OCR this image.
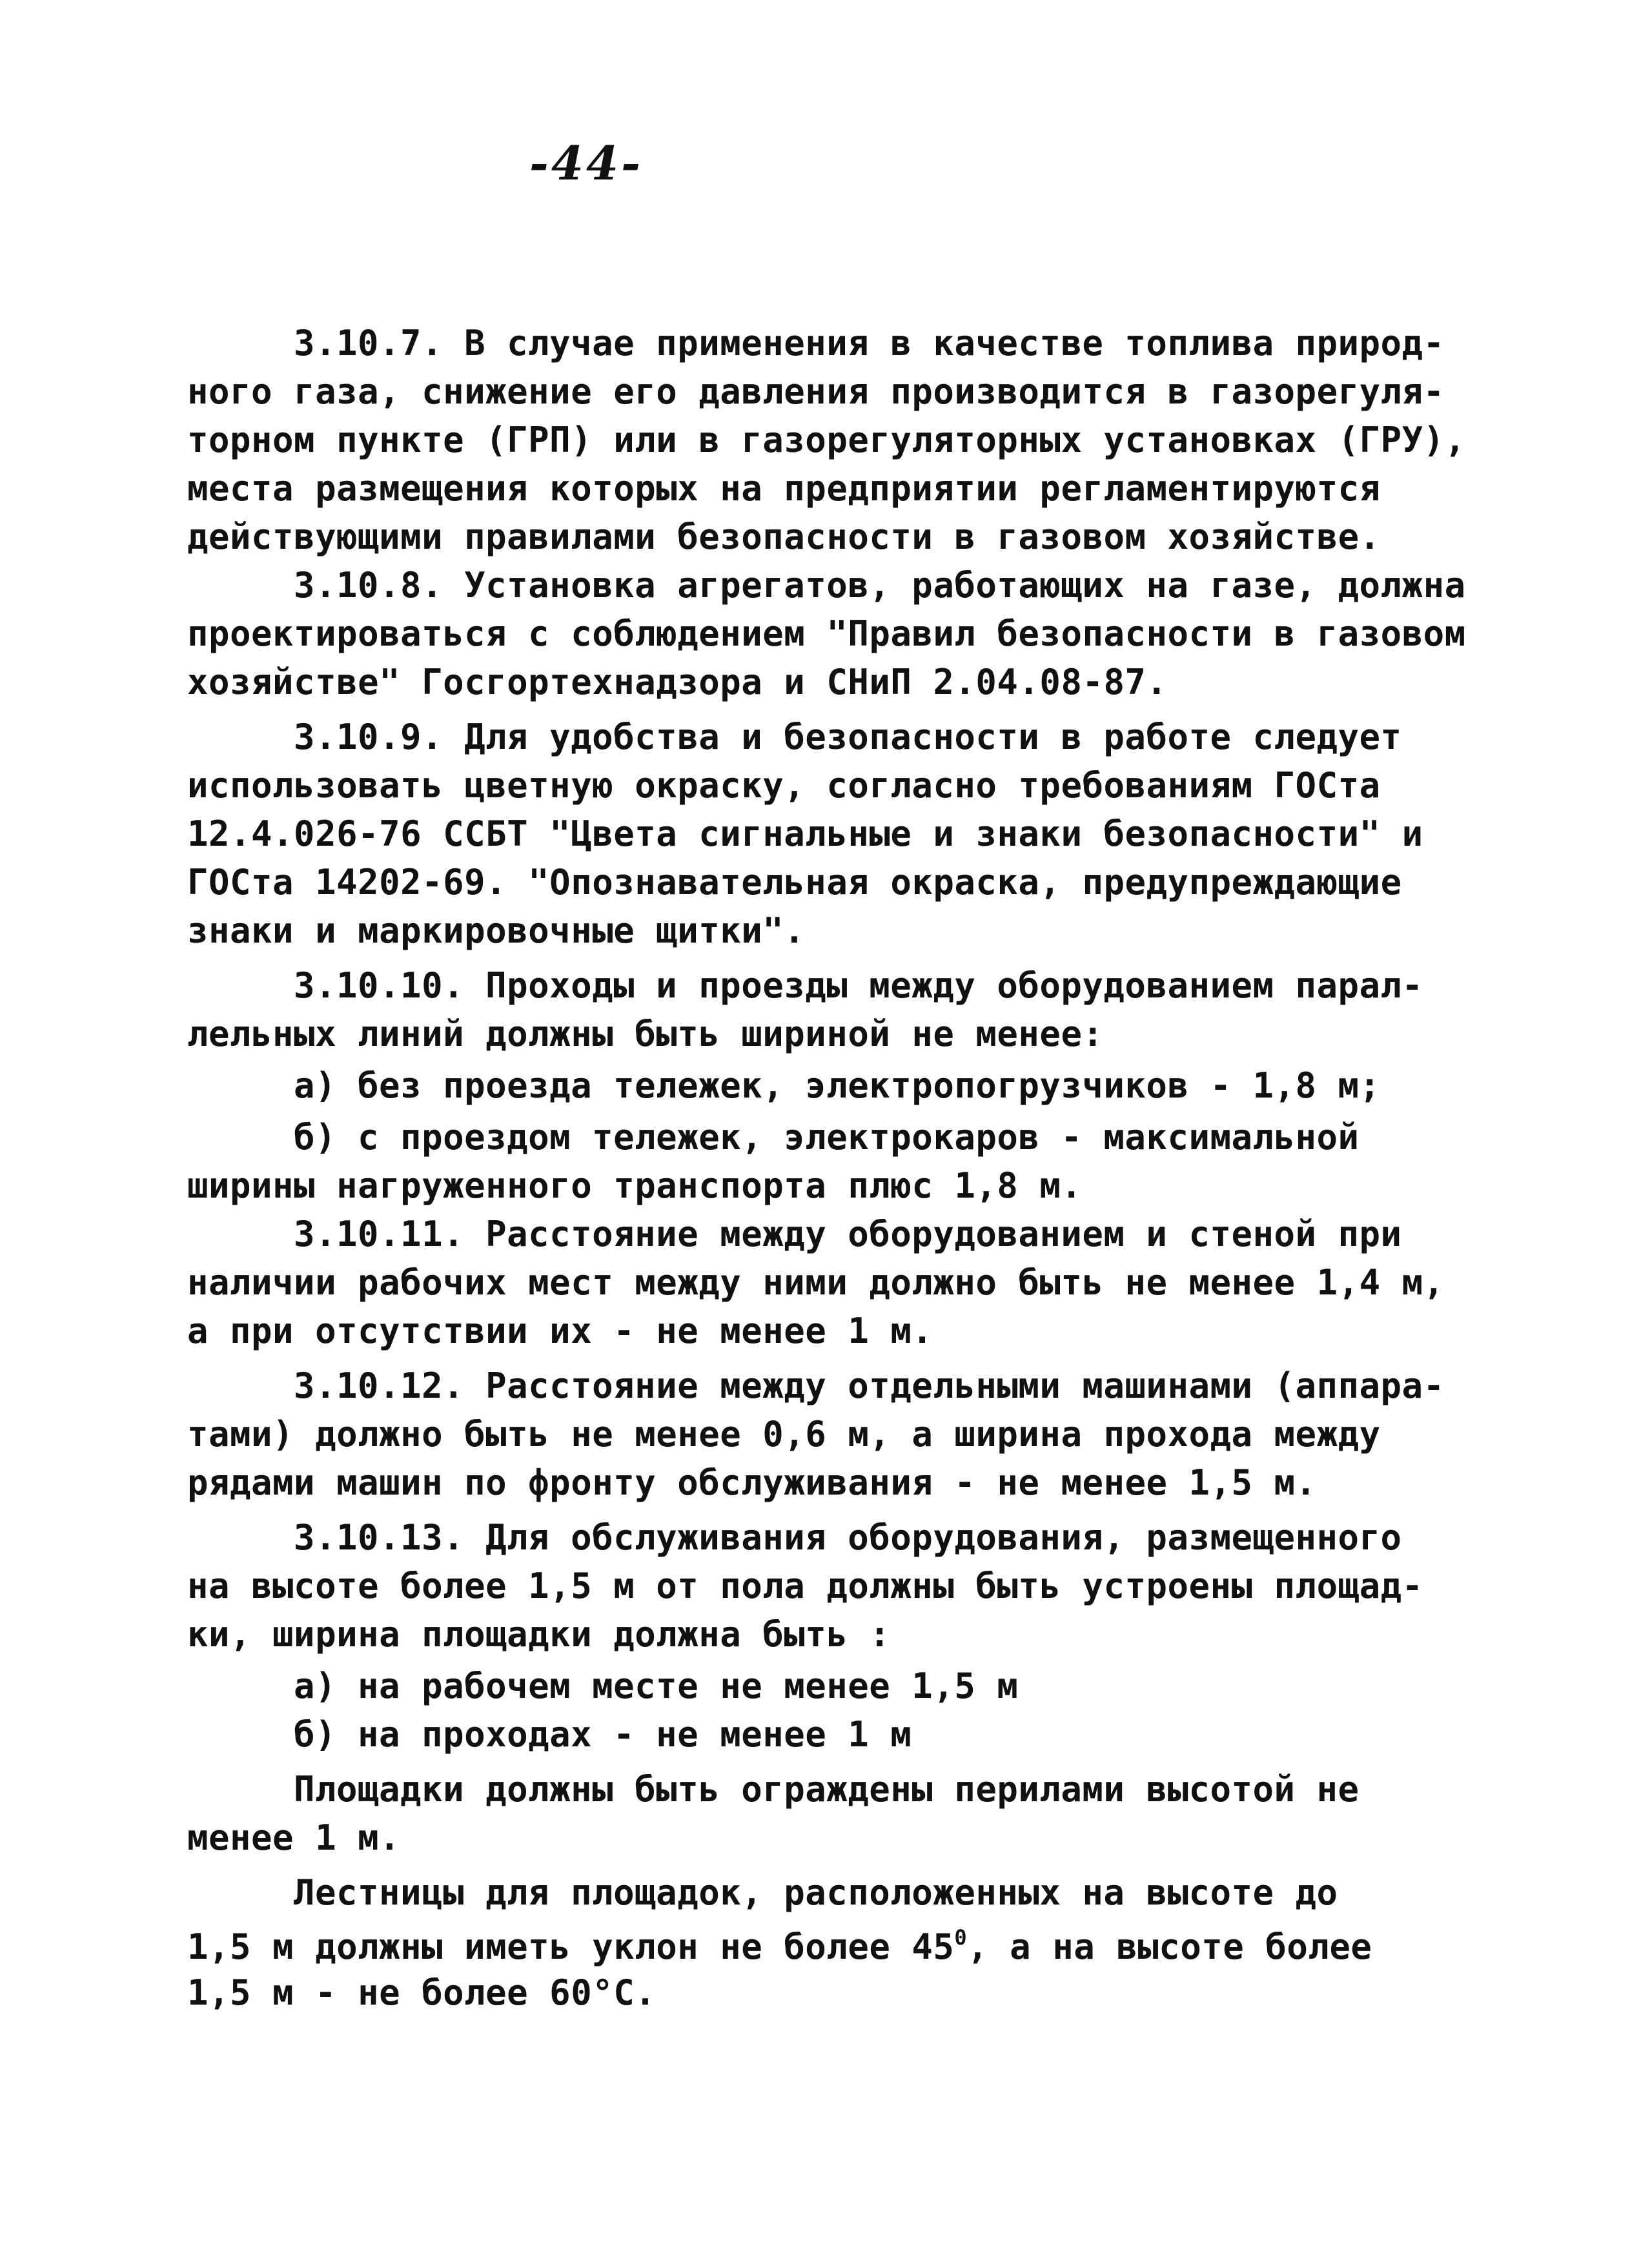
-44-
3.10.7. В случае применения в качестве топлива природ-
ного газа, снижение его давления производится в газорегуля-
торном пункте (ГРП) или в газорегуляторных установках (ГРУ),
места размещения которых на предприятии регламентируются
действующими правилами безопасности в газовом хозяйстве.
3.10.8. Установка агрегатов, работающих на газе, должна
проектироваться с соблюдением "Правил безопасности в газовом
хозяйстве" Госгортехнадзора и СНиП 2.04.08-87.
3.10.9. Для удобства и безопасности в работе следует
использовать цветную окраску, согласно требованиям ГОСта
12.4.026-76 ССБТ "Цвета сигнальные и знаки безопасности" и
ГОСта 14202-69. "Опознавательная окраска, предупреждающие
знаки и маркировочные щитки".
3.10.10. Проходы и проезды между оборудованием парал-
лельных линий должны быть шириной не менее:
а) без проезда тележек, электропогрузчиков - 1,8 м;
б) с проездом тележек, электрокаров - максимальной
ширины нагруженного транспорта плюс 1,8 м.
3.10.11. Расстояние между оборудованием и стеной при
наличии рабочих мест между ними должно быть не менее 1,4 м,
а при отсутствии их - не менее 1 м.
3.10.12. Расстояние между отдельными машинами (аппара-
тами) должно быть не менее 0,6 м, а ширина прохода между
рядами машин по фронту обслуживания - не менее 1,5 м.
3.10.13. Для обслуживания оборудования, размещенного
на высоте более 1,5 м от пола должны быть устроены площад-
ки, ширина площадки должна быть :
а) на рабочем месте не менее 1,5 м
б) на проходах - не менее 1 м
Площадки должны быть ограждены перилами высотой не
менее 1 м.
Лестницы для площадок, расположенных на высоте до
1,5 м должны иметь уклон не более $45^0$, а на высоте более
1,5 м - не более 60°С.
